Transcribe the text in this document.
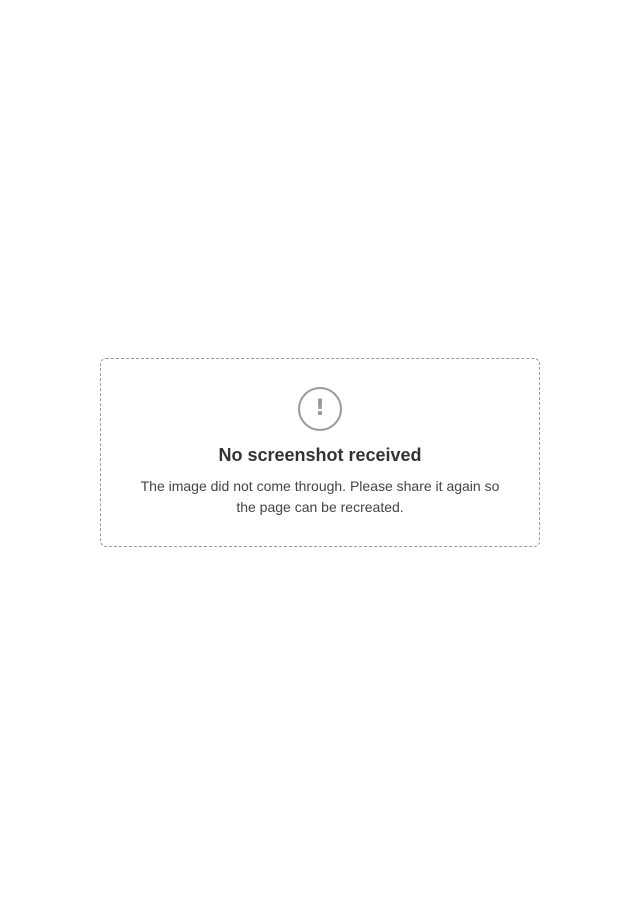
!

No screenshot received

The image did not come through. Please share it again so the page can be recreated.
